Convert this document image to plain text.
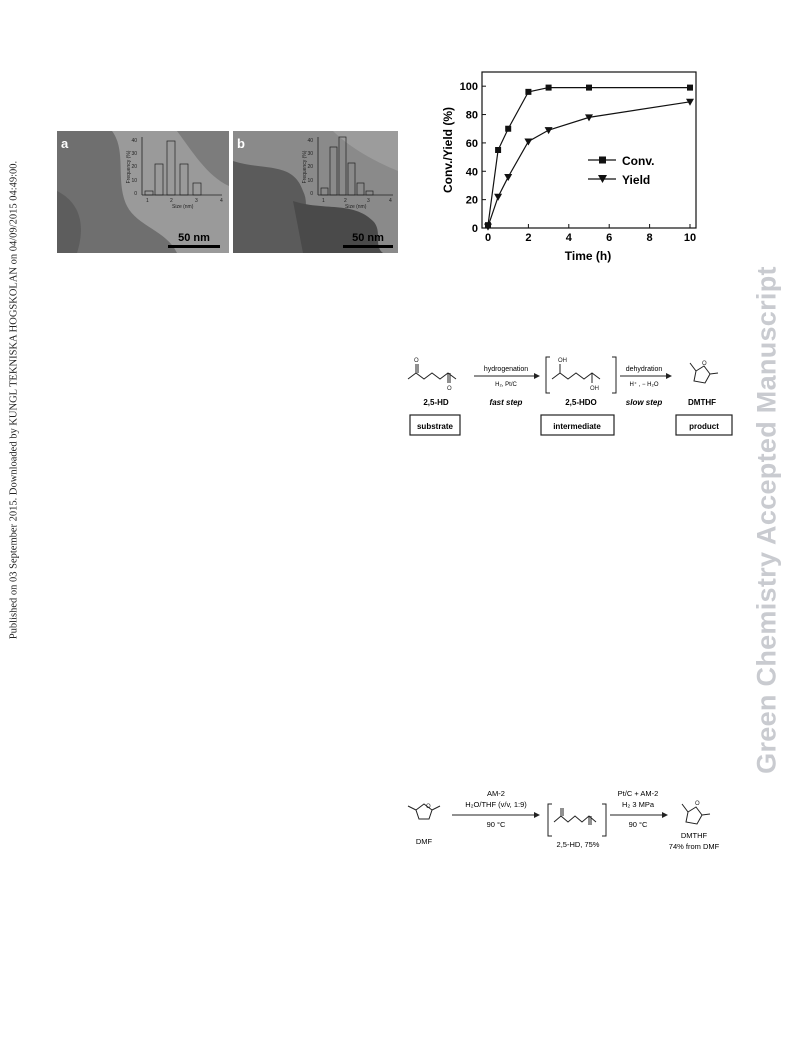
Published on 03 September 2015. Downloaded by KUNGL TEKNISKA HOGSKOLAN on 04/09/2015 04:49:00.	Green Chemistry Accepted Manuscript
a
0
10
20
30
40
Frequency (%)
1	2	3	4
Size (nm)
50 nm
b
0
10
20
30
40
Frequency (%)
1	2	3	4
Size (nm)
50 nm	0	2	4	6	8	10
0
20
40
60
80
100
Time (h)
Conv./Yield (%)	Conv.
Yield
O
O
2,5-HD
hydrogenation
H₂, Pt/C
fast step
OH
OH
2,5-HDO
dehydration
H⁺ , − H₂O
slow step
O
DMTHF
substrate	intermediate	product
O
DMF
AM-2
H₂O/THF (v/v, 1:9)
90 °C
2,5-HD, 75%
Pt/C + AM-2
H₂ 3 MPa
90 °C
O
DMTHF
74% from DMF
